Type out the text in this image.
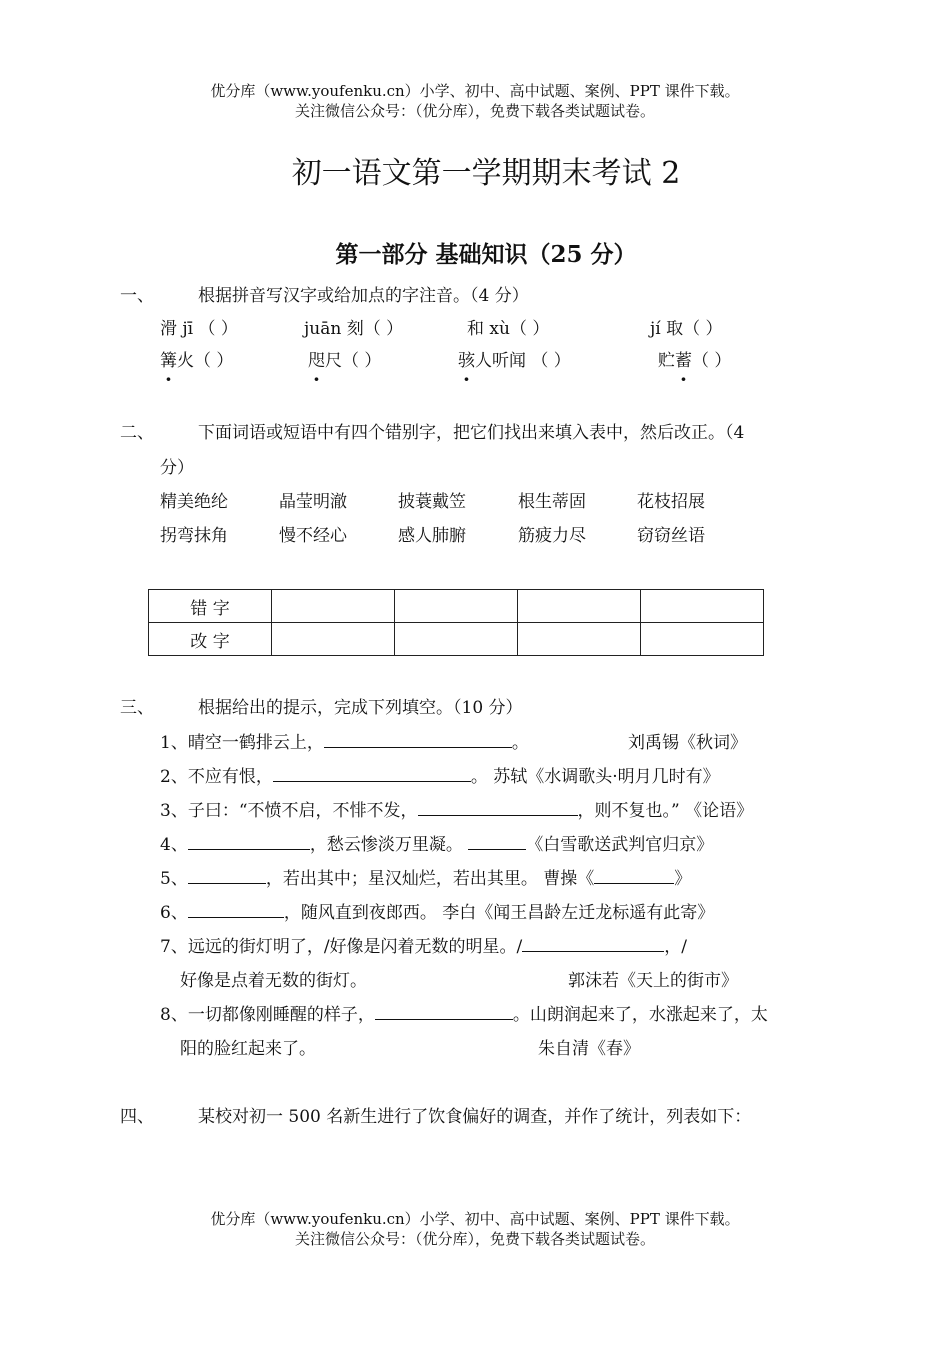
优分库（www.youfenku.cn）小学、初中、高中试题、案例、PPT 课件下载。
关注微信公众号：（优分库），免费下载各类试题试卷。
初一语文第一学期期末考试 2
第一部分 基础知识（25 分）
一、	根据拼音写汉字或给加点的字注音。（4 分）
滑 jī （ ）	juān 刻（ ）	和 xù（ ）	jí 取（ ）
篝火（ ）	咫尺（ ）	骇人听闻 （ ）	贮蓄（ ）
二、	下面词语或短语中有四个错别字，把它们找出来填入表中，然后改正。（4
分）
精美绝纶	晶莹明澈	披蓑戴笠	根生蒂固	花枝招展
拐弯抹角	慢不经心	感人肺腑	筋疲力尽	窃窃丝语
错 字				
改 字				
三、	根据给出的提示，完成下列填空。（10 分）
1、晴空一鹤排云上，	。	刘禹锡《秋词》
2、不应有恨，	。 苏轼《水调歌头·明月几时有》
3、子曰：“不愤不启，不悱不发，	，则不复也。” 《论语》
4、	，愁云惨淡万里凝。	《白雪歌送武判官归京》
5、	，若出其中；星汉灿烂，若出其里。 曹操《	》
6、	，随风直到夜郎西。 李白《闻王昌龄左迁龙标遥有此寄》
7、远远的街灯明了，/好像是闪着无数的明星。/	，/
好像是点着无数的街灯。	郭沫若《天上的街市》
8、一切都像刚睡醒的样子，	。山朗润起来了，水涨起来了，太
阳的脸红起来了。	朱自清《春》
四、	某校对初一 500 名新生进行了饮食偏好的调查，并作了统计，列表如下：
优分库（www.youfenku.cn）小学、初中、高中试题、案例、PPT 课件下载。
关注微信公众号：（优分库），免费下载各类试题试卷。
